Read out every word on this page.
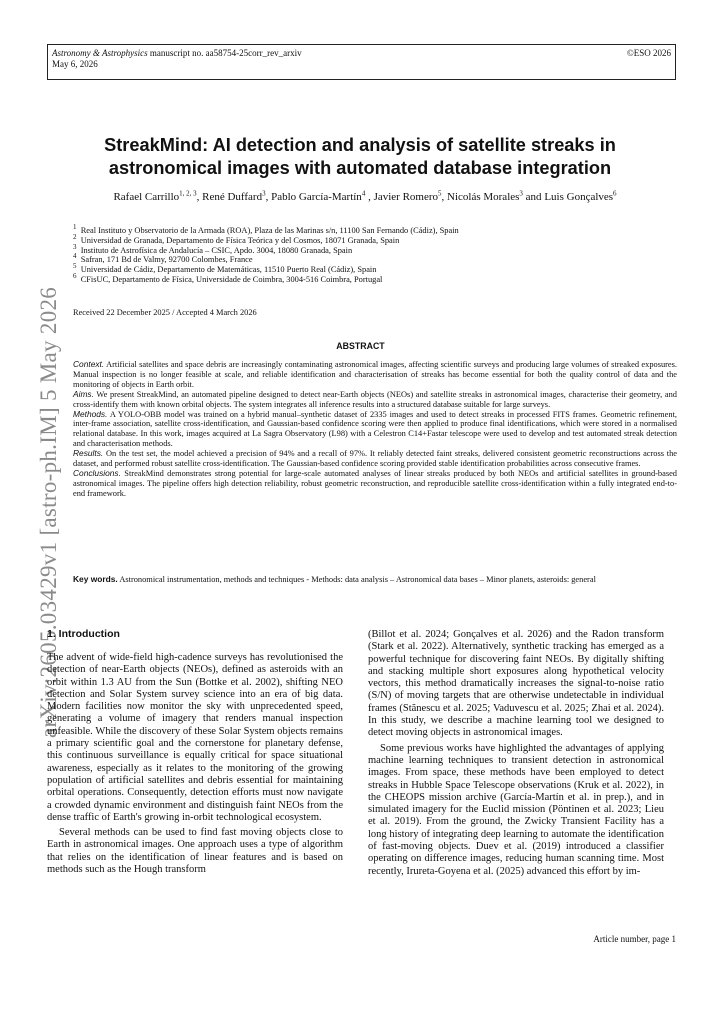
Astronomy & Astrophysics manuscript no. aa58754-25corr_rev_arxiv
May 6, 2026
©ESO 2026
arXiv:2605.03429v1 [astro-ph.IM] 5 May 2026
StreakMind: AI detection and analysis of satellite streaks in
astronomical images with automated database integration
Rafael Carrillo$^{1, 2, 3}$, René Duffard$^3$, Pablo García-Martín$^4$ , Javier Romero$^5$, Nicolás Morales$^3$ and Luis Gonçalves$^6$
$^1$ Real Instituto y Observatorio de la Armada (ROA), Plaza de las Marinas s/n, 11100 San Fernando (Cádiz), Spain
$^2$ Universidad de Granada, Departamento de Física Teórica y del Cosmos, 18071 Granada, Spain
$^3$ Instituto de Astrofísica de Andalucía – CSIC, Apdo. 3004, 18080 Granada, Spain
$^4$ Safran, 171 Bd de Valmy, 92700 Colombes, France
$^5$ Universidad de Cádiz, Departamento de Matemáticas, 11510 Puerto Real (Cádiz), Spain
$^6$ CFisUC, Departamento de Física, Universidade de Coimbra, 3004-516 Coimbra, Portugal
Received 22 December 2025 / Accepted 4 March 2026
ABSTRACT

Context. Artificial satellites and space debris are increasingly contaminating astronomical images, affecting scientific surveys and producing large volumes of streaked exposures. Manual inspection is no longer feasible at scale, and reliable identification and characterisation of streaks has become essential for both the quality control of data and the monitoring of objects in Earth orbit.

Aims. We present StreakMind, an automated pipeline designed to detect near-Earth objects (NEOs) and satellite streaks in astronomical images, characterise their geometry, and cross-identify them with known orbital objects. The system integrates all inference results into a structured database suitable for large surveys.

Methods. A YOLO-OBB model was trained on a hybrid manual–synthetic dataset of 2335 images and used to detect streaks in processed FITS frames. Geometric refinement, inter-frame association, satellite cross-identification, and Gaussian-based confidence scoring were then applied to produce final identifications, which were stored in a normalised relational database. In this work, images acquired at La Sagra Observatory (L98) with a Celestron C14+Fastar telescope were used to develop and test automated streak detection and characterisation methods.

Results. On the test set, the model achieved a precision of 94% and a recall of 97%. It reliably detected faint streaks, delivered consistent geometric reconstructions across the dataset, and performed robust satellite cross-identification. The Gaussian-based confidence scoring provided stable identification probabilities across consecutive frames.

Conclusions. StreakMind demonstrates strong potential for large-scale automated analyses of linear streaks produced by both NEOs and artificial satellites in ground-based astronomical images. The pipeline offers high detection reliability, robust geometric reconstruction, and reproducible satellite cross-identification within a fully integrated end-to-end framework.

Key words. Astronomical instrumentation, methods and techniques - Methods: data analysis – Astronomical data bases – Minor planets, asteroids: general
1. Introduction

The advent of wide-field high-cadence surveys has revolutionised the detection of near-Earth objects (NEOs), defined as asteroids with an orbit within 1.3 AU from the Sun (Bottke et al. 2002), shifting NEO detection and Solar System survey science into an era of big data. Modern facilities now monitor the sky with unprecedented speed, generating a volume of imagery that renders manual inspection unfeasible. While the discovery of these Solar System objects remains a primary scientific goal and the cornerstone for planetary defense, this continuous surveillance is equally critical for space situational awareness, especially as it relates to the monitoring of the growing population of artificial satellites and debris essential for maintaining orbital operations. Consequently, detection efforts must now navigate a crowded dynamic environment and distinguish faint NEOs from the dense traffic of Earth's growing in-orbit technological ecosystem.

Several methods can be used to find fast moving objects close to Earth in astronomical images. One approach uses a type of algorithm that relies on the identification of linear features and is based on methods such as the Hough transform

(Billot et al. 2024; Gonçalves et al. 2026) and the Radon transform (Stark et al. 2022). Alternatively, synthetic tracking has emerged as a powerful technique for discovering faint NEOs. By digitally shifting and stacking multiple short exposures along hypothetical velocity vectors, this method dramatically increases the signal-to-noise ratio (S/N) of moving targets that are otherwise undetectable in individual frames (Stănescu et al. 2025; Vaduvescu et al. 2025; Zhai et al. 2024). In this study, we describe a machine learning tool we designed to detect moving objects in astronomical images.

Some previous works have highlighted the advantages of applying machine learning techniques to transient detection in astronomical images. From space, these methods have been employed to detect streaks in Hubble Space Telescope observations (Kruk et al. 2022), in the CHEOPS mission archive (García-Martín et al. in prep.), and in simulated imagery for the Euclid mission (Pöntinen et al. 2023; Lieu et al. 2019). From the ground, the Zwicky Transient Facility has a long history of integrating deep learning to automate the identification of fast-moving objects. Duev et al. (2019) introduced a classifier operating on difference images, reducing human scanning time. Most recently, Irureta-Goyena et al. (2025) advanced this effort by im-

Article number, page 1
